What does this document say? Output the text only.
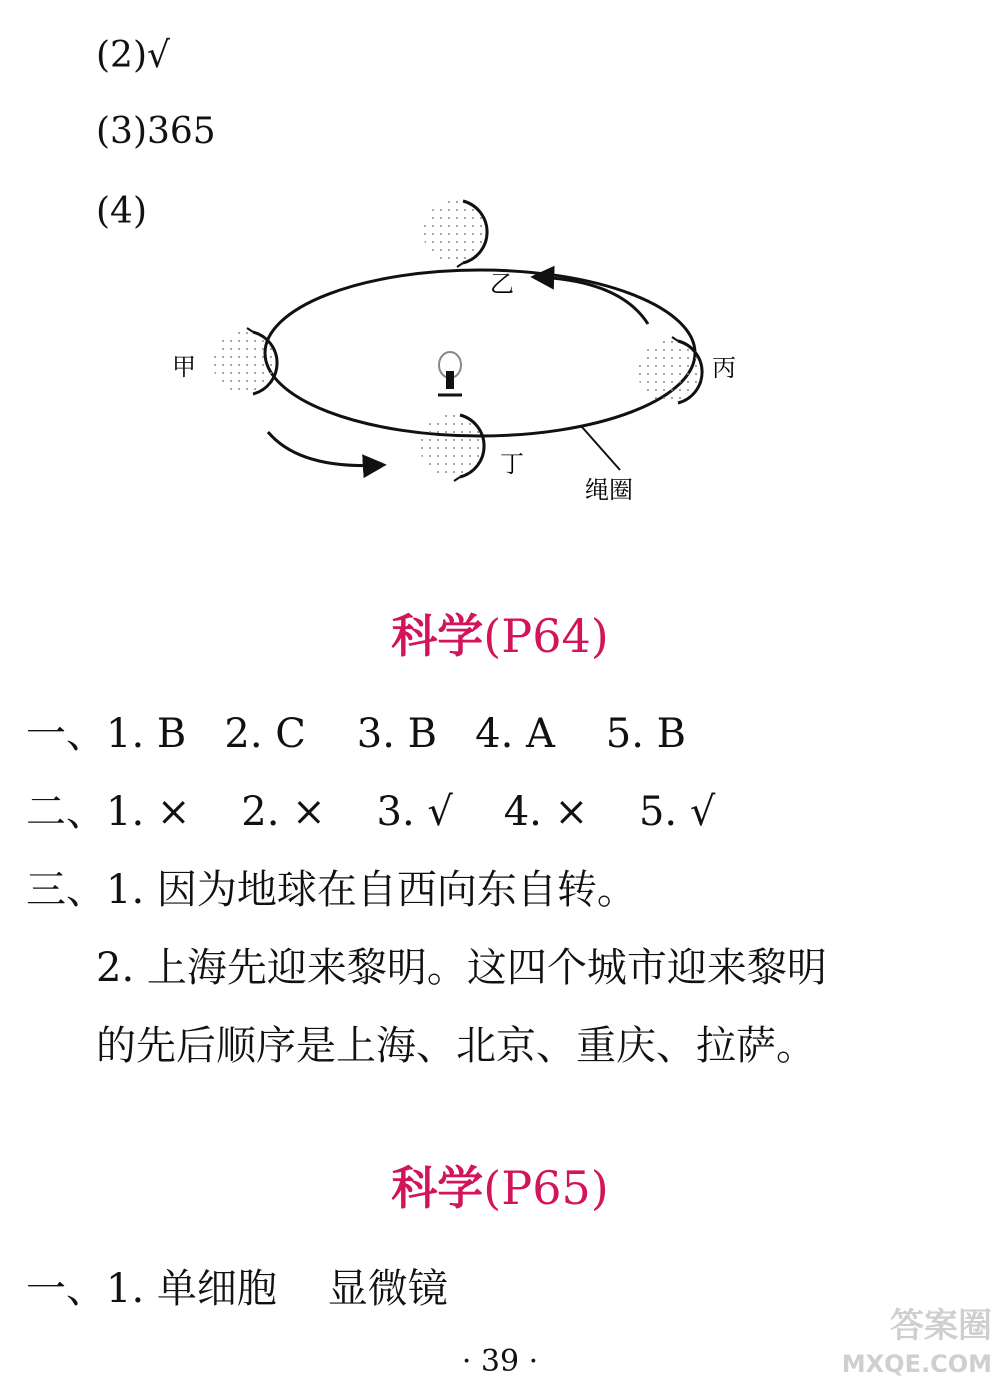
(2)√
(3)365
(4)
甲
乙
丙
丁
绳圈
科学(P64)
一、1. B   2. C    3. B   4. A    5. B
二、1. ×    2. ×    3. √    4. ×    5. √
三、1. 因为地球在自西向东自转。
2. 上海先迎来黎明。这四个城市迎来黎明
的先后顺序是上海、北京、重庆、拉萨。
科学(P65)
一、1. 单细胞    显微镜
· 39 ·
答案圈
MXQE.COM
